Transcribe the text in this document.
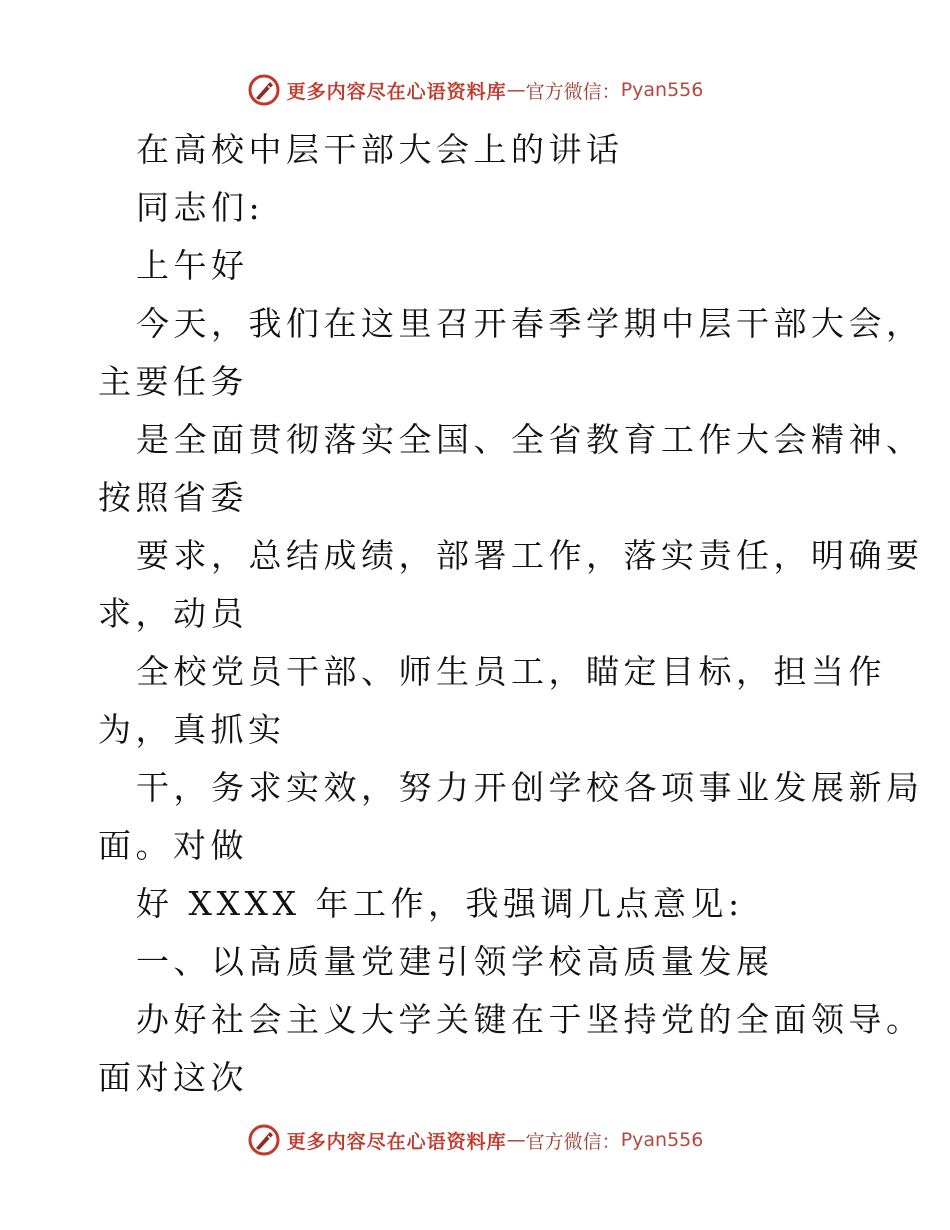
更多内容尽在心语资料库 — 官方微信： Pyan556
在高校中层干部大会上的讲话
同志们:
上午好
今天，我们在这里召开春季学期中层干部大会，
主要任务
是全面贯彻落实全国、全省教育工作大会精神、
按照省委
要求，总结成绩，部署工作，落实责任，明确要
求，动员
全校党员干部、师生员工，瞄定目标，担当作
为，真抓实
干，务求实效，努力开创学校各项事业发展新局
面。对做
好 XXXX 年工作，我强调几点意见:
一、以高质量党建引领学校高质量发展
办好社会主义大学关键在于坚持党的全面领导。
面对这次
更多内容尽在心语资料库 — 官方微信： Pyan556
